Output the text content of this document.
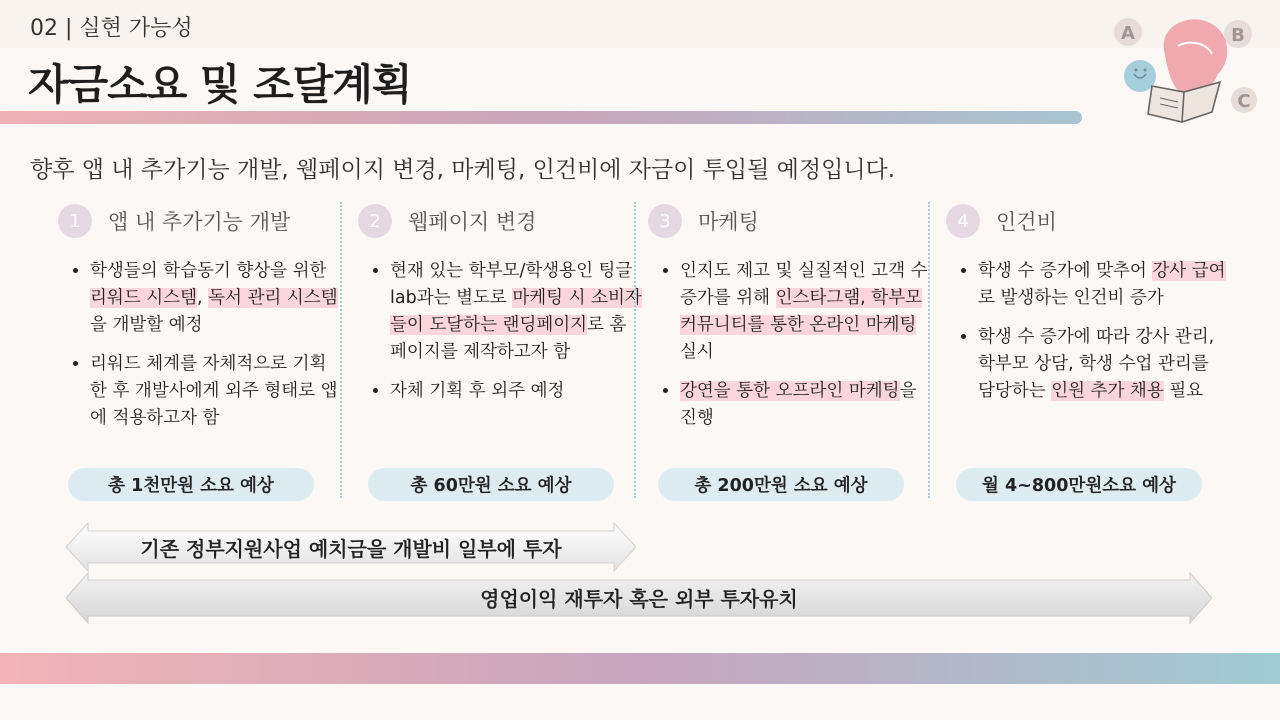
02 | 실현 가능성
자금소요 및 조달계획
A	B
C
향후 앱 내 추가기능 개발, 웹페이지 변경, 마케팅, 인건비에 자금이 투입될 예정입니다.
1	앱 내 추가기능 개발
• 학생들의 학습동기 향상을 위한 리워드 시스템, 독서 관리 시스템을 개발할 예정
• 리워드 체계를 자체적으로 기획한 후 개발사에게 외주 형태로 앱에 적용하고자 함
총 1천만원 소요 예상
2	웹페이지 변경
• 현재 있는 학부모/학생용인 팅글 lab과는 별도로 마케팅 시 소비자들이 도달하는 랜딩페이지로 홈페이지를 제작하고자 함
• 자체 기획 후 외주 예정
총 60만원 소요 예상
3	마케팅
• 인지도 제고 및 실질적인 고객 수 증가를 위해 인스타그램, 학부모 커뮤니티를 통한 온라인 마케팅 실시
• 강연을 통한 오프라인 마케팅을 진행
총 200만원 소요 예상
4	인건비
• 학생 수 증가에 맞추어 강사 급여로 발생하는 인건비 증가
• 학생 수 증가에 따라 강사 관리, 학부모 상담, 학생 수업 관리를 담당하는 인원 추가 채용 필요
월 4~800만원소요 예상
기존 정부지원사업 예치금을 개발비 일부에 투자
영업이익 재투자 혹은 외부 투자유치
